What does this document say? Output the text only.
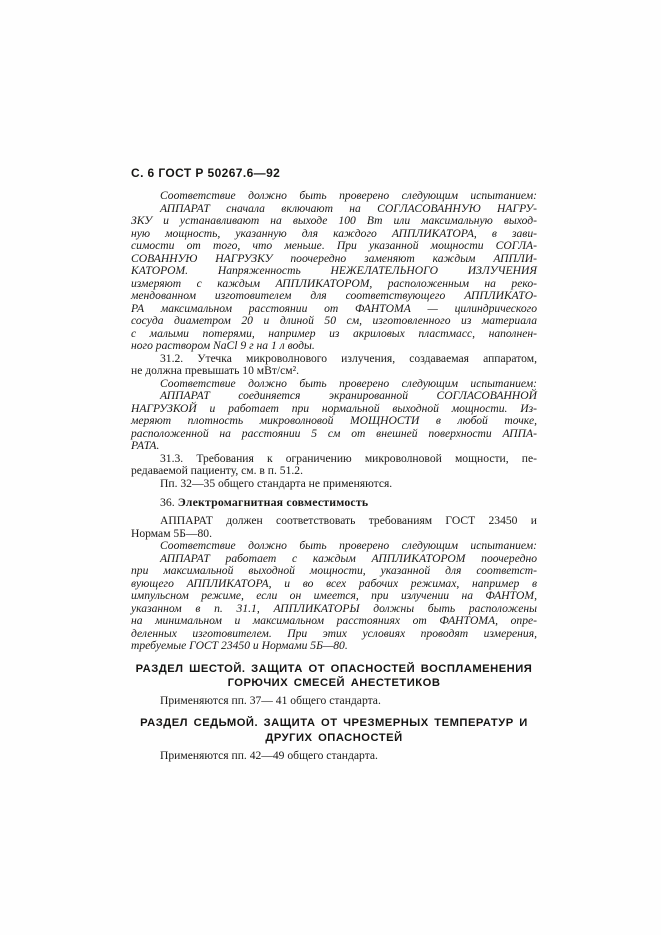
С. 6 ГОСТ Р 50267.6—92
Соответствие должно быть проверено следующим испытанием:
АППАРАТ сначала включают на СОГЛАСОВАННУЮ НАГРУ-
ЗКУ и устанавливают на выходе 100 Вт или максимальную выход-
ную мощность, указанную для каждого АППЛИКАТОРА, в зави-
симости от того, что меньше. При указанной мощности СОГЛА-
СОВАННУЮ НАГРУЗКУ поочередно заменяют каждым АППЛИ-
КАТОРОМ. Напряженность НЕЖЕЛАТЕЛЬНОГО ИЗЛУЧЕНИЯ
измеряют с каждым АППЛИКАТОРОМ, расположенным на реко-
мендованном изготовителем для соответствующего АППЛИКАТО-
РА максимальном расстоянии от ФАНТОМА — цилиндрического
сосуда диаметром 20 и длиной 50 см, изготовленного из материала
с малыми потерями, например из акриловых пластмасс, наполнен-
ного раствором NaCl 9 г на 1 л воды.
31.2. Утечка микроволнового излучения, создаваемая аппаратом,
не должна превышать 10 мВт/см².
Соответствие должно быть проверено следующим испытанием:
АППАРАТ соединяется экранированной СОГЛАСОВАННОЙ
НАГРУЗКОЙ и работает при нормальной выходной мощности. Из-
меряют плотность микроволновой МОЩНОСТИ в любой точке,
расположенной на расстоянии 5 см от внешней поверхности АППА-
РАТА.
31.3. Требования к ограничению микроволновой мощности, пе-
редаваемой пациенту, см. в п. 51.2.
Пп. 32—35 общего стандарта не применяются.
36. Электромагнитная совместимость
АППАРАТ должен соответствовать требованиям ГОСТ 23450 и
Нормам 5Б—80.
Соответствие должно быть проверено следующим испытанием:
АППАРАТ работает с каждым АППЛИКАТОРОМ поочередно
при максимальной выходной мощности, указанной для соответст-
вующего АППЛИКАТОРА, и во всех рабочих режимах, например в
импульсном режиме, если он имеется, при излучении на ФАНТОМ,
указанном в п. 31.1, АППЛИКАТОРЫ должны быть расположены
на минимальном и максимальном расстояниях от ФАНТОМА, опре-
деленных изготовителем. При этих условиях проводят измерения,
требуемые ГОСТ 23450 и Нормами 5Б—80.
РАЗДЕЛ ШЕСТОЙ. ЗАЩИТА ОТ ОПАСНОСТЕЙ ВОСПЛАМЕНЕНИЯ
ГОРЮЧИХ СМЕСЕЙ АНЕСТЕТИКОВ
Применяются пп. 37— 41 общего стандарта.
РАЗДЕЛ СЕДЬМОЙ. ЗАЩИТА ОТ ЧРЕЗМЕРНЫХ ТЕМПЕРАТУР И
ДРУГИХ ОПАСНОСТЕЙ
Применяются пп. 42—49 общего стандарта.
